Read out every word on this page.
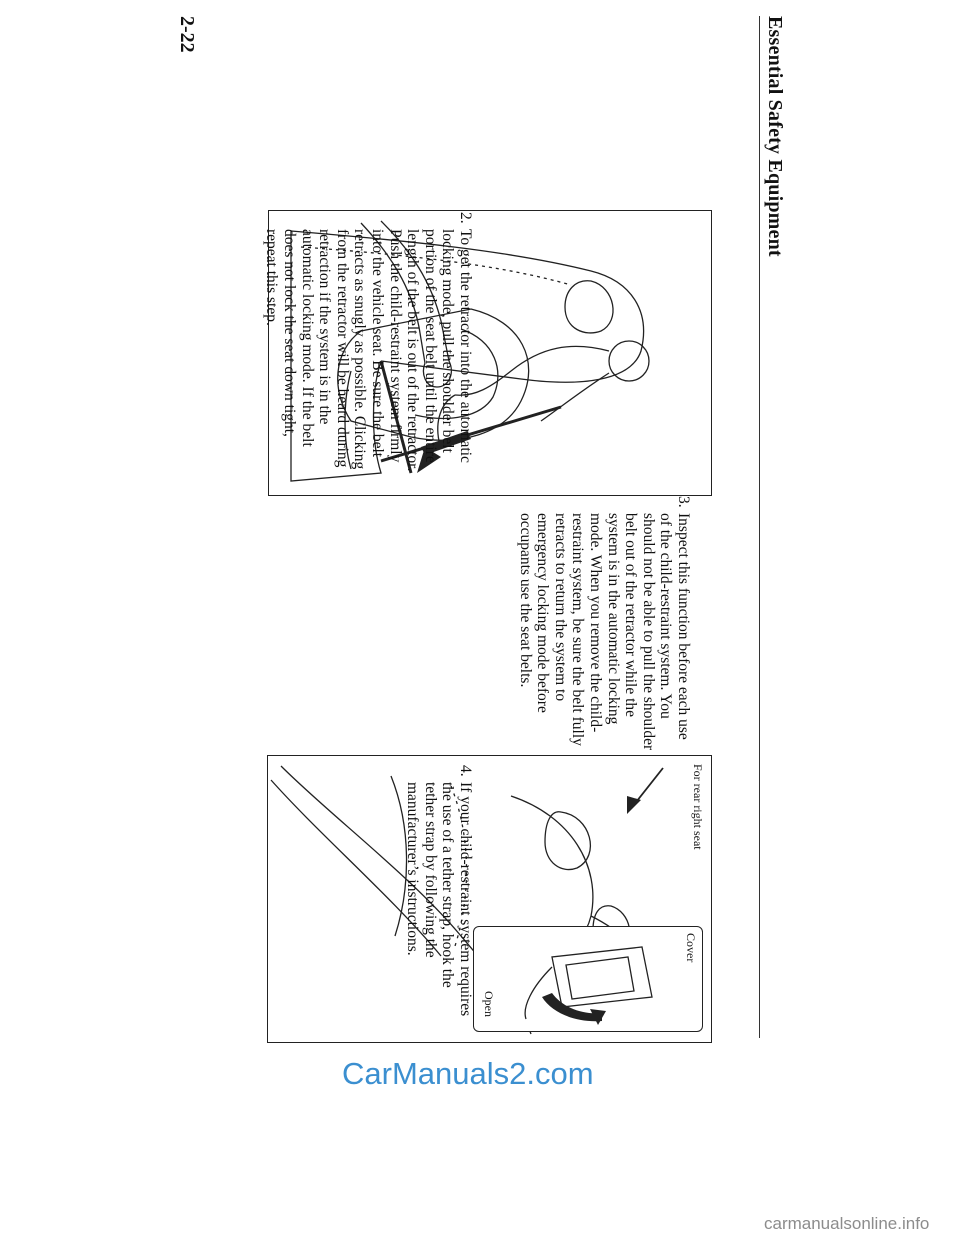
Essential Safety Equipment
For rear right seat
Cover
Open
2.
To get the retractor into the automatic locking mode, pull the shoulder belt portion of the seat belt until the entire length of the belt is out of the retractor. Push the child-restraint system firmly into the vehicle seat. Be sure the belt retracts as snugly as possible. Clicking from the retractor will be heard during retraction if the system is in the automatic locking mode. If the belt does not lock the seat down tight, repeat this step.
3.
Inspect this function before each use of the child-restraint system. You should not be able to pull the shoulder belt out of the retractor while the system is in the automatic locking mode. When you remove the child-restraint system, be sure the belt fully retracts to return the system to emergency locking mode before occupants use the seat belts.
4.
If your child-restraint system requires the use of a tether strap, hook the tether strap by following the manufacturer’s instructions.
2-22
CarManuals2.com
carmanualsonline.info
